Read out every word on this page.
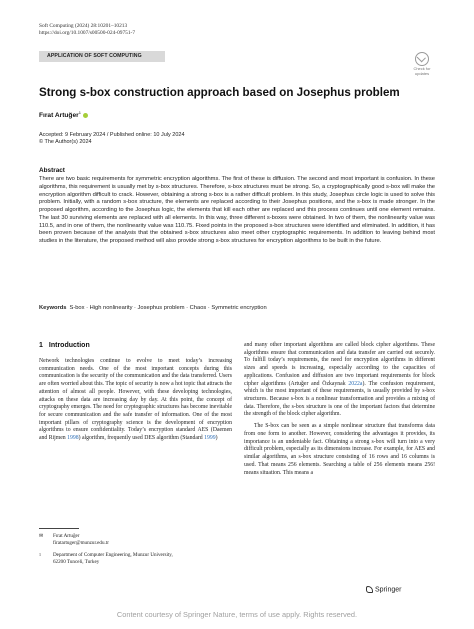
Soft Computing (2024) 28:10201–10213
https://doi.org/10.1007/s00500-024-09751-7
APPLICATION OF SOFT COMPUTING
Check for
updates
Strong s-box construction approach based on Josephus problem
Fırat Artuğer$^1$
Accepted: 9 February 2024 / Published online: 10 July 2024
© The Author(s) 2024
Abstract
There are two basic requirements for symmetric encryption algorithms. The first of these is diffusion. The second and most important is confusion. In these algorithms, this requirement is usually met by s-box structures. Therefore, s-box structures must be strong. So, a cryptographically good s-box will make the encryption algorithm difficult to crack. However, obtaining a strong s-box is a rather difficult problem. In this study, Josephus circle logic is used to solve this problem. Initially, with a random s-box structure, the elements are replaced according to their Josephus positions, and the s-box is made stronger. In the proposed algorithm, according to the Josephus logic, the elements that kill each other are replaced and this process continues until one element remains. The last 30 surviving elements are replaced with all elements. In this way, three different s-boxes were obtained. In two of them, the nonlinearity value was 110.5, and in one of them, the nonlinearity value was 110.75. Fixed points in the proposed s-box structures were identified and eliminated. In addition, it has been proven because of the analysis that the obtained s-box structures also meet other cryptographic requirements. In addition to leaving behind most studies in the literature, the proposed method will also provide strong s-box structures for encryption algorithms to be built in the future.
Keywords S-box · High nonlinearity · Josephus problem · Chaos · Symmetric encryption
1 Introduction
Network technologies continue to evolve to meet today’s increasing communication needs. One of the most important concepts during this communication is the security of the communication and the data transferred. Users are often worried about this. The topic of security is now a hot topic that attracts the attention of almost all people. However, with these developing technologies, attacks on these data are increasing day by day. At this point, the concept of cryptography emerges. The need for cryptographic structures has become inevitable for secure communication and the safe transfer of information. One of the most important pillars of cryptography science is the development of encryption algorithms to ensure confidentiality. Today’s encryption standard AES (Daemen and Rijmen 1998) algorithm, frequently used DES algorithm (Standard 1999)
and many other important algorithms are called block cipher algorithms. These algorithms ensure that communication and data transfer are carried out securely. To fulfill today’s requirements, the need for encryption algorithms in different sizes and speeds is increasing, especially according to the capacities of applications. Confusion and diffusion are two important requirements for block cipher algorithms (Artuğer and Özkaynak 2022a). The confusion requirement, which is the most important of these requirements, is usually provided by s-box structures. Because s-box is a nonlinear transformation and provides a mixing of data. Therefore, the s-box structure is one of the important factors that determine the strength of the block cipher algorithm.
The S-box can be seen as a simple nonlinear structure that transforms data from one form to another. However, considering the advantages it provides, its importance is an undeniable fact. Obtaining a strong s-box will turn into a very difficult problem, especially as its dimensions increase. For example, for AES and similar algorithms, an s-box structure consisting of 16 rows and 16 columns is used. That means 256 elements. Searching a table of 256 elements means 256! means situation. This means a
✉ Fırat Artuğer
firatartuger@munzur.edu.tr
1 Department of Computer Engineering, Munzur University,
62200 Tunceli, Turkey
Springer
Content courtesy of Springer Nature, terms of use apply. Rights reserved.
